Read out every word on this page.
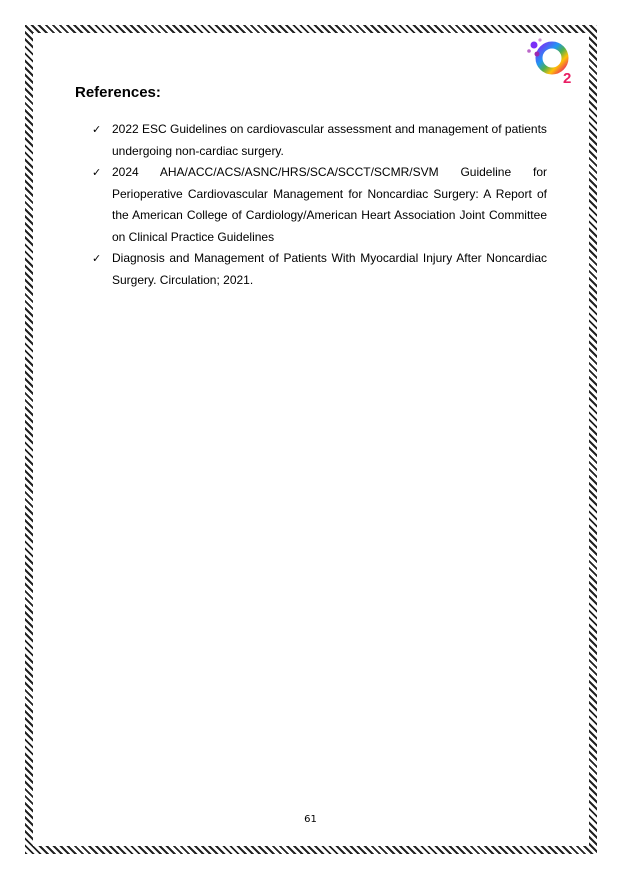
2
References:
✓ 2022 ESC Guidelines on cardiovascular assessment and management of patients
undergoing non-cardiac surgery.
✓ 2024 AHA/ACC/ACS/ASNC/HRS/SCA/SCCT/SCMR/SVM Guideline for Perioperative Cardiovascular Management for Noncardiac Surgery: A Report of the American College of Cardiology/American Heart Association Joint Committee on Clinical Practice Guidelines
✓ Diagnosis and Management of Patients With Myocardial Injury After Noncardiac Surgery. Circulation; 2021.
61
